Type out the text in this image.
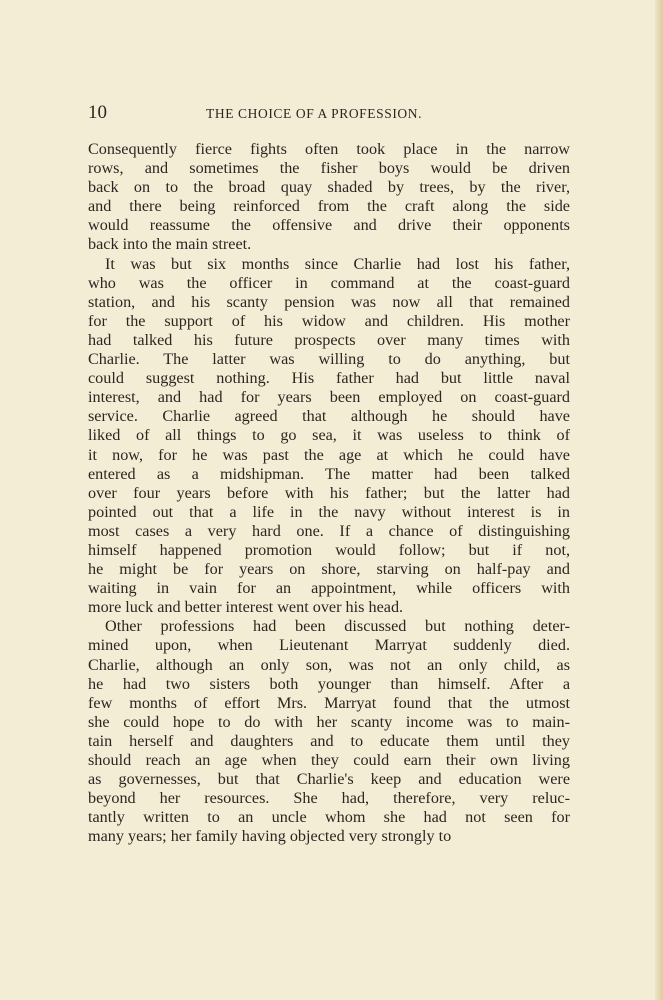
10	THE CHOICE OF A PROFESSION.
Consequently fierce fights often took place in the narrow
rows, and sometimes the fisher boys would be driven
back on to the broad quay shaded by trees, by the river,
and there being reinforced from the craft along the side
would reassume the offensive and drive their opponents
back into the main street.
It was but six months since Charlie had lost his father,
who was the officer in command at the coast-guard
station, and his scanty pension was now all that remained
for the support of his widow and children. His mother
had talked his future prospects over many times with
Charlie. The latter was willing to do anything, but
could suggest nothing. His father had but little naval
interest, and had for years been employed on coast-guard
service. Charlie agreed that although he should have
liked of all things to go sea, it was useless to think of
it now, for he was past the age at which he could have
entered as a midshipman. The matter had been talked
over four years before with his father; but the latter had
pointed out that a life in the navy without interest is in
most cases a very hard one. If a chance of distinguishing
himself happened promotion would follow; but if not,
he might be for years on shore, starving on half-pay and
waiting in vain for an appointment, while officers with
more luck and better interest went over his head.
Other professions had been discussed but nothing deter-
mined upon, when Lieutenant Marryat suddenly died.
Charlie, although an only son, was not an only child, as
he had two sisters both younger than himself. After a
few months of effort Mrs. Marryat found that the utmost
she could hope to do with her scanty income was to main-
tain herself and daughters and to educate them until they
should reach an age when they could earn their own living
as governesses, but that Charlie's keep and education were
beyond her resources. She had, therefore, very reluc-
tantly written to an uncle whom she had not seen for
many years; her family having objected very strongly to
